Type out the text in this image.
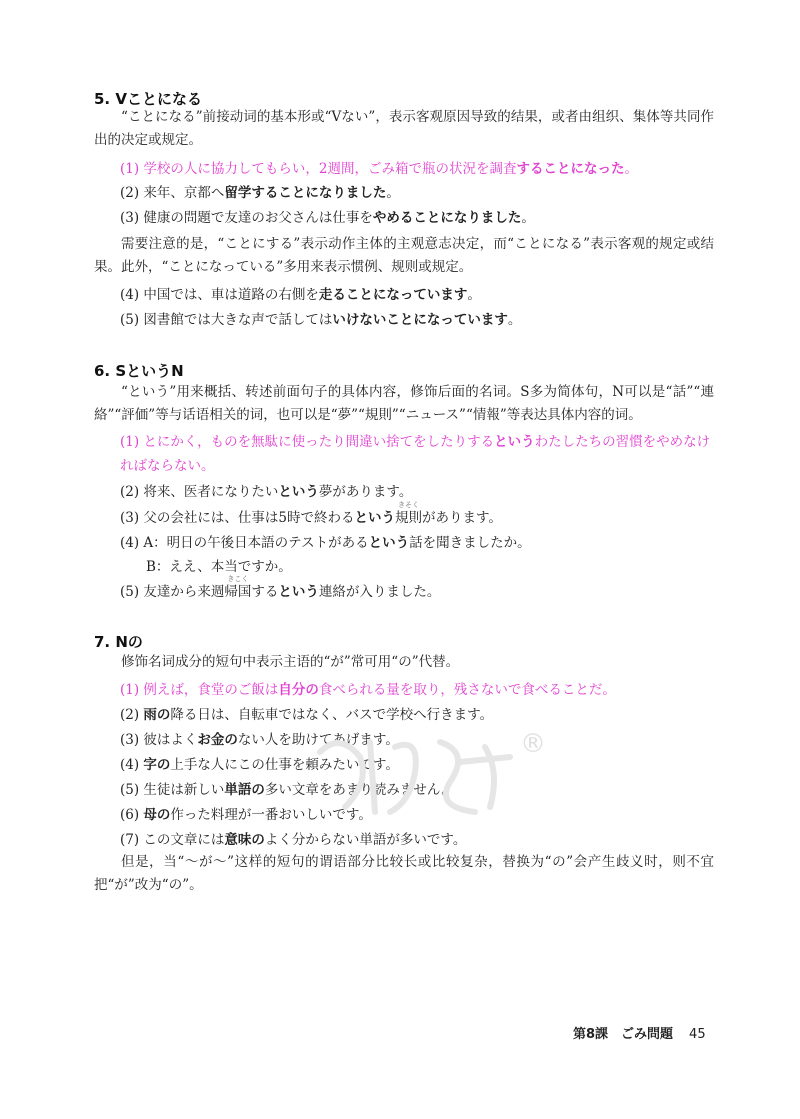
5. Vことになる
“ことになる”前接动词的基本形或“Vない”，表示客观原因导致的结果，或者由组织、集体等共同作出的决定或规定。
(1) 学校の人に協力してもらい，2週間，ごみ箱で瓶の状況を調査することになった。
(2) 来年、京都へ留学することになりました。
(3) 健康の問題で友達のお父さんは仕事をやめることになりました。
需要注意的是，“ことにする”表示动作主体的主观意志决定，而“ことになる”表示客观的规定或结果。此外，“ことになっている”多用来表示惯例、规则或规定。
(4) 中国では、車は道路の右側を走ることになっています。
(5) 図書館では大きな声で話してはいけないことになっています。
6. SというN
“という”用来概括、转述前面句子的具体内容，修饰后面的名词。S多为简体句，N可以是“話”“連絡”“評価”等与话语相关的词，也可以是“夢”“規則”“ニュース”“情報”等表达具体内容的词。
(1) とにかく，ものを無駄に使ったり間違い捨てをしたりするというわたしたちの習慣をやめなければならない。
(2) 将来、医者になりたいという夢があります。
(3) 父の会社には、仕事は5時で終わるという
きそく
規則があります。
(4) A：明日の午後日本語のテストがあるという話を聞きましたか。
B：ええ、本当ですか。
(5) 友達から来週
きこく
帰国するという連絡が入りました。
7. Nの
修饰名词成分的短句中表示主语的“が”常可用“の”代替。
(1) 例えば，食堂のご飯は自分の食べられる量を取り，残さないで食べることだ。
(2) 雨の降る日は、自転車ではなく、バスで学校へ行きます。
(3) 彼はよくお金のない人を助けてあげます。
(4) 字の上手な人にこの仕事を頼みたいです。
(5) 生徒は新しい単語の多い文章をあまり読みません。
(6) 母の作った料理が一番おいしいです。
(7) この文章には意味のよく分からない単語が多いです。
但是，当“～が～”这样的短句的谓语部分比较长或比较复杂，替换为“の”会产生歧义时，则不宜把“が”改为“の”。
®
第8課　ごみ問題 45
